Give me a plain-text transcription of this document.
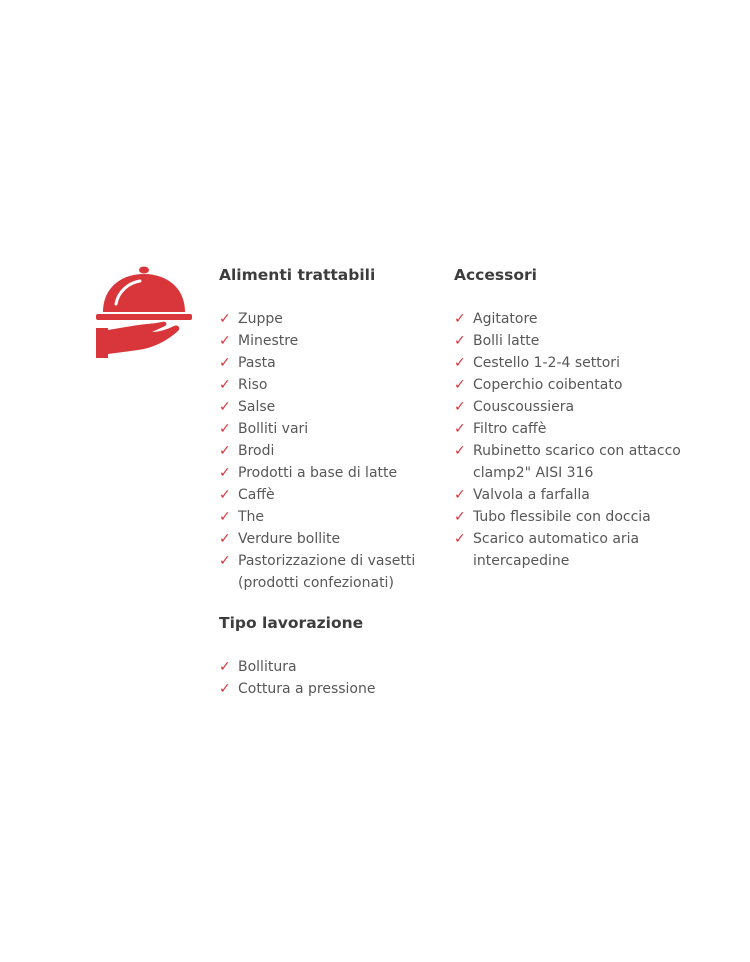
Alimenti trattabili
✓ Zuppe
✓ Minestre
✓ Pasta
✓ Riso
✓ Salse
✓ Bolliti vari
✓ Brodi
✓ Prodotti a base di latte
✓ Caffè
✓ The
✓ Verdure bollite
✓ Pastorizzazione di vasetti (prodotti confezionati)
Tipo lavorazione
✓ Bollitura
✓ Cottura a pressione
Accessori
✓ Agitatore
✓ Bolli latte
✓ Cestello 1-2-4 settori
✓ Coperchio coibentato
✓ Couscoussiera
✓ Filtro caffè
✓ Rubinetto scarico con attacco clamp2" AISI 316
✓ Valvola a farfalla
✓ Tubo flessibile con doccia
✓ Scarico automatico aria intercapedine
